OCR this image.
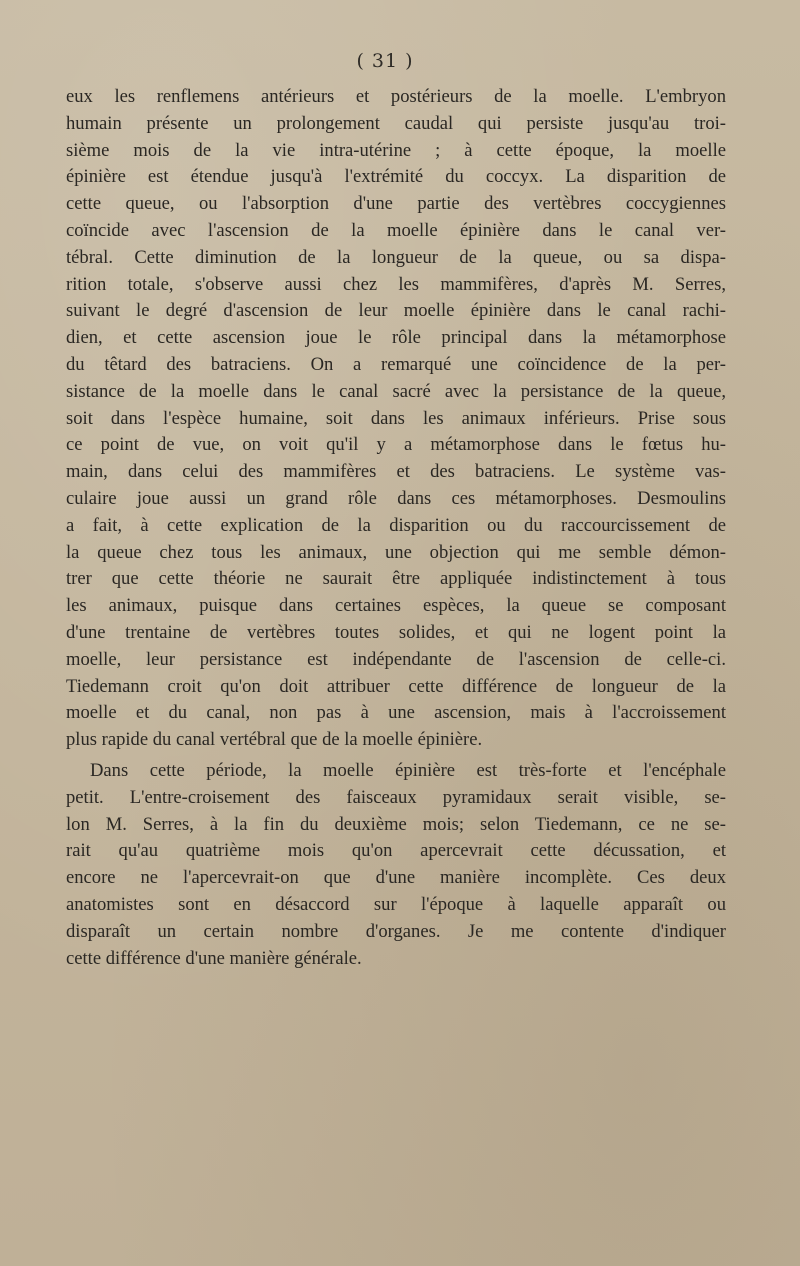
( 31 )
eux les renflemens antérieurs et postérieurs de la moelle. L'embryon
humain présente un prolongement caudal qui persiste jusqu'au troi-
sième mois de la vie intra-utérine ; à cette époque, la moelle
épinière est étendue jusqu'à l'extrémité du coccyx. La disparition de
cette queue, ou l'absorption d'une partie des vertèbres coccygiennes
coïncide avec l'ascension de la moelle épinière dans le canal ver-
tébral. Cette diminution de la longueur de la queue, ou sa dispa-
rition totale, s'observe aussi chez les mammifères, d'après M. Serres,
suivant le degré d'ascension de leur moelle épinière dans le canal rachi-
dien, et cette ascension joue le rôle principal dans la métamorphose
du têtard des batraciens. On a remarqué une coïncidence de la per-
sistance de la moelle dans le canal sacré avec la persistance de la queue,
soit dans l'espèce humaine, soit dans les animaux inférieurs. Prise sous
ce point de vue, on voit qu'il y a métamorphose dans le fœtus hu-
main, dans celui des mammifères et des batraciens. Le système vas-
culaire joue aussi un grand rôle dans ces métamorphoses. Desmoulins
a fait, à cette explication de la disparition ou du raccourcissement de
la queue chez tous les animaux, une objection qui me semble démon-
trer que cette théorie ne saurait être appliquée indistinctement à tous
les animaux, puisque dans certaines espèces, la queue se composant
d'une trentaine de vertèbres toutes solides, et qui ne logent point la
moelle, leur persistance est indépendante de l'ascension de celle-ci.
Tiedemann croit qu'on doit attribuer cette différence de longueur de la
moelle et du canal, non pas à une ascension, mais à l'accroissement
plus rapide du canal vertébral que de la moelle épinière.
Dans cette période, la moelle épinière est très-forte et l'encéphale
petit. L'entre-croisement des faisceaux pyramidaux serait visible, se-
lon M. Serres, à la fin du deuxième mois; selon Tiedemann, ce ne se-
rait qu'au quatrième mois qu'on apercevrait cette décussation, et
encore ne l'apercevrait-on que d'une manière incomplète. Ces deux
anatomistes sont en désaccord sur l'époque à laquelle apparaît ou
disparaît un certain nombre d'organes. Je me contente d'indiquer
cette différence d'une manière générale.
